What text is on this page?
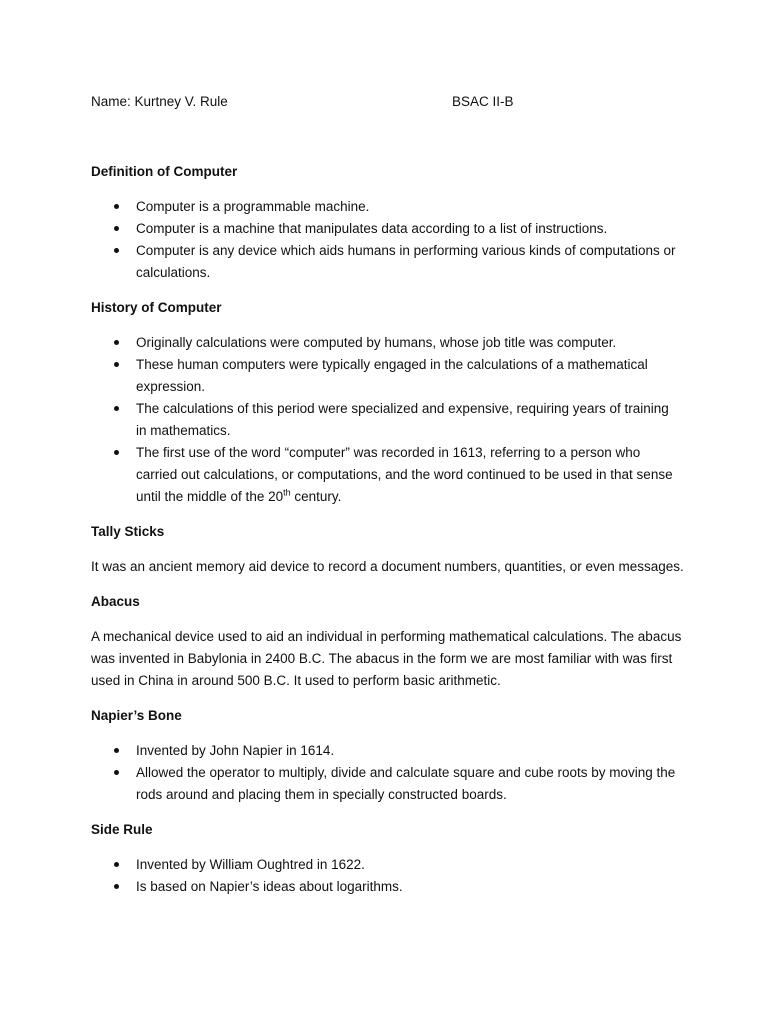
Name: Kurtney V. Rule	BSAC II-B
Definition of Computer
Computer is a programmable machine.
Computer is a machine that manipulates data according to a list of instructions.
Computer is any device which aids humans in performing various kinds of computations or calculations.
History of Computer
Originally calculations were computed by humans, whose job title was computer.
These human computers were typically engaged in the calculations of a mathematical expression.
The calculations of this period were specialized and expensive, requiring years of training in mathematics.
The first use of the word “computer” was recorded in 1613, referring to a person who carried out calculations, or computations, and the word continued to be used in that sense until the middle of the 20th century.
Tally Sticks

It was an ancient memory aid device to record a document numbers, quantities, or even messages.

Abacus

A mechanical device used to aid an individual in performing mathematical calculations. The abacus was invented in Babylonia in 2400 B.C. The abacus in the form we are most familiar with was first used in China in around 500 B.C. It used to perform basic arithmetic.

Napier’s Bone
Invented by John Napier in 1614.
Allowed the operator to multiply, divide and calculate square and cube roots by moving the rods around and placing them in specially constructed boards.
Side Rule
Invented by William Oughtred in 1622.
Is based on Napier’s ideas about logarithms.
